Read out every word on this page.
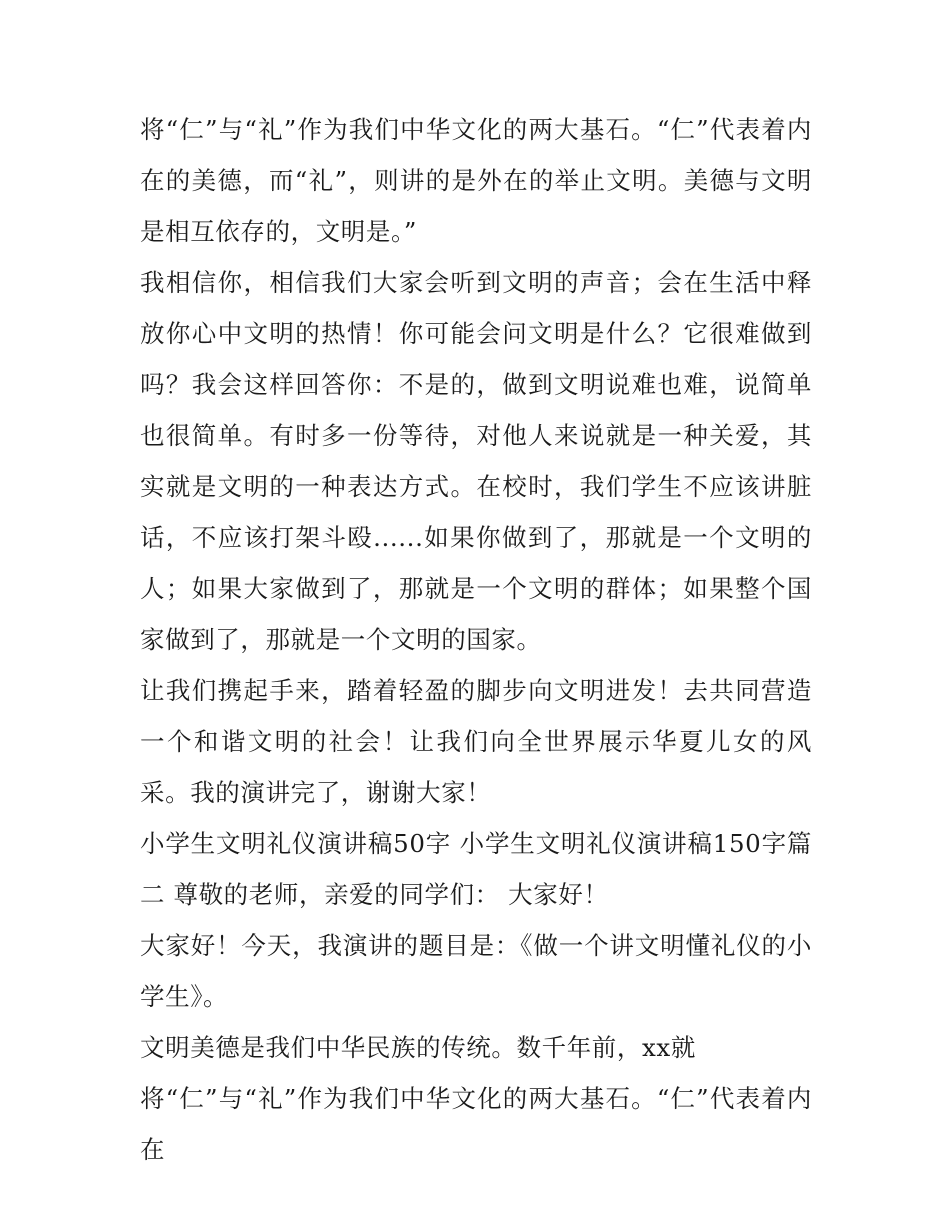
将“仁”与“礼”作为我们中华文化的两大基石。“仁”代表着内在的美德，而“礼”，则讲的是外在的举止文明。美德与文明是相互依存的，文明是。”

我相信你，相信我们大家会听到文明的声音；会在生活中释放你心中文明的热情！你可能会问文明是什么？它很难做到吗？我会这样回答你：不是的，做到文明说难也难，说简单也很简单。有时多一份等待，对他人来说就是一种关爱，其实就是文明的一种表达方式。在校时，我们学生不应该讲脏话，不应该打架斗殴......如果你做到了，那就是一个文明的人；如果大家做到了，那就是一个文明的群体；如果整个国家做到了，那就是一个文明的国家。

让我们携起手来，踏着轻盈的脚步向文明进发！去共同营造一个和谐文明的社会！让我们向全世界展示华夏儿女的风采。我的演讲完了，谢谢大家！

小学生文明礼仪演讲稿50字 小学生文明礼仪演讲稿150字篇二 尊敬的老师，亲爱的同学们： 大家好！

大家好！今天，我演讲的题目是：《做一个讲文明懂礼仪的小学生》。

文明美德是我们中华民族的传统。数千年前，xx就

将“仁”与“礼”作为我们中华文化的两大基石。“仁”代表着内在
